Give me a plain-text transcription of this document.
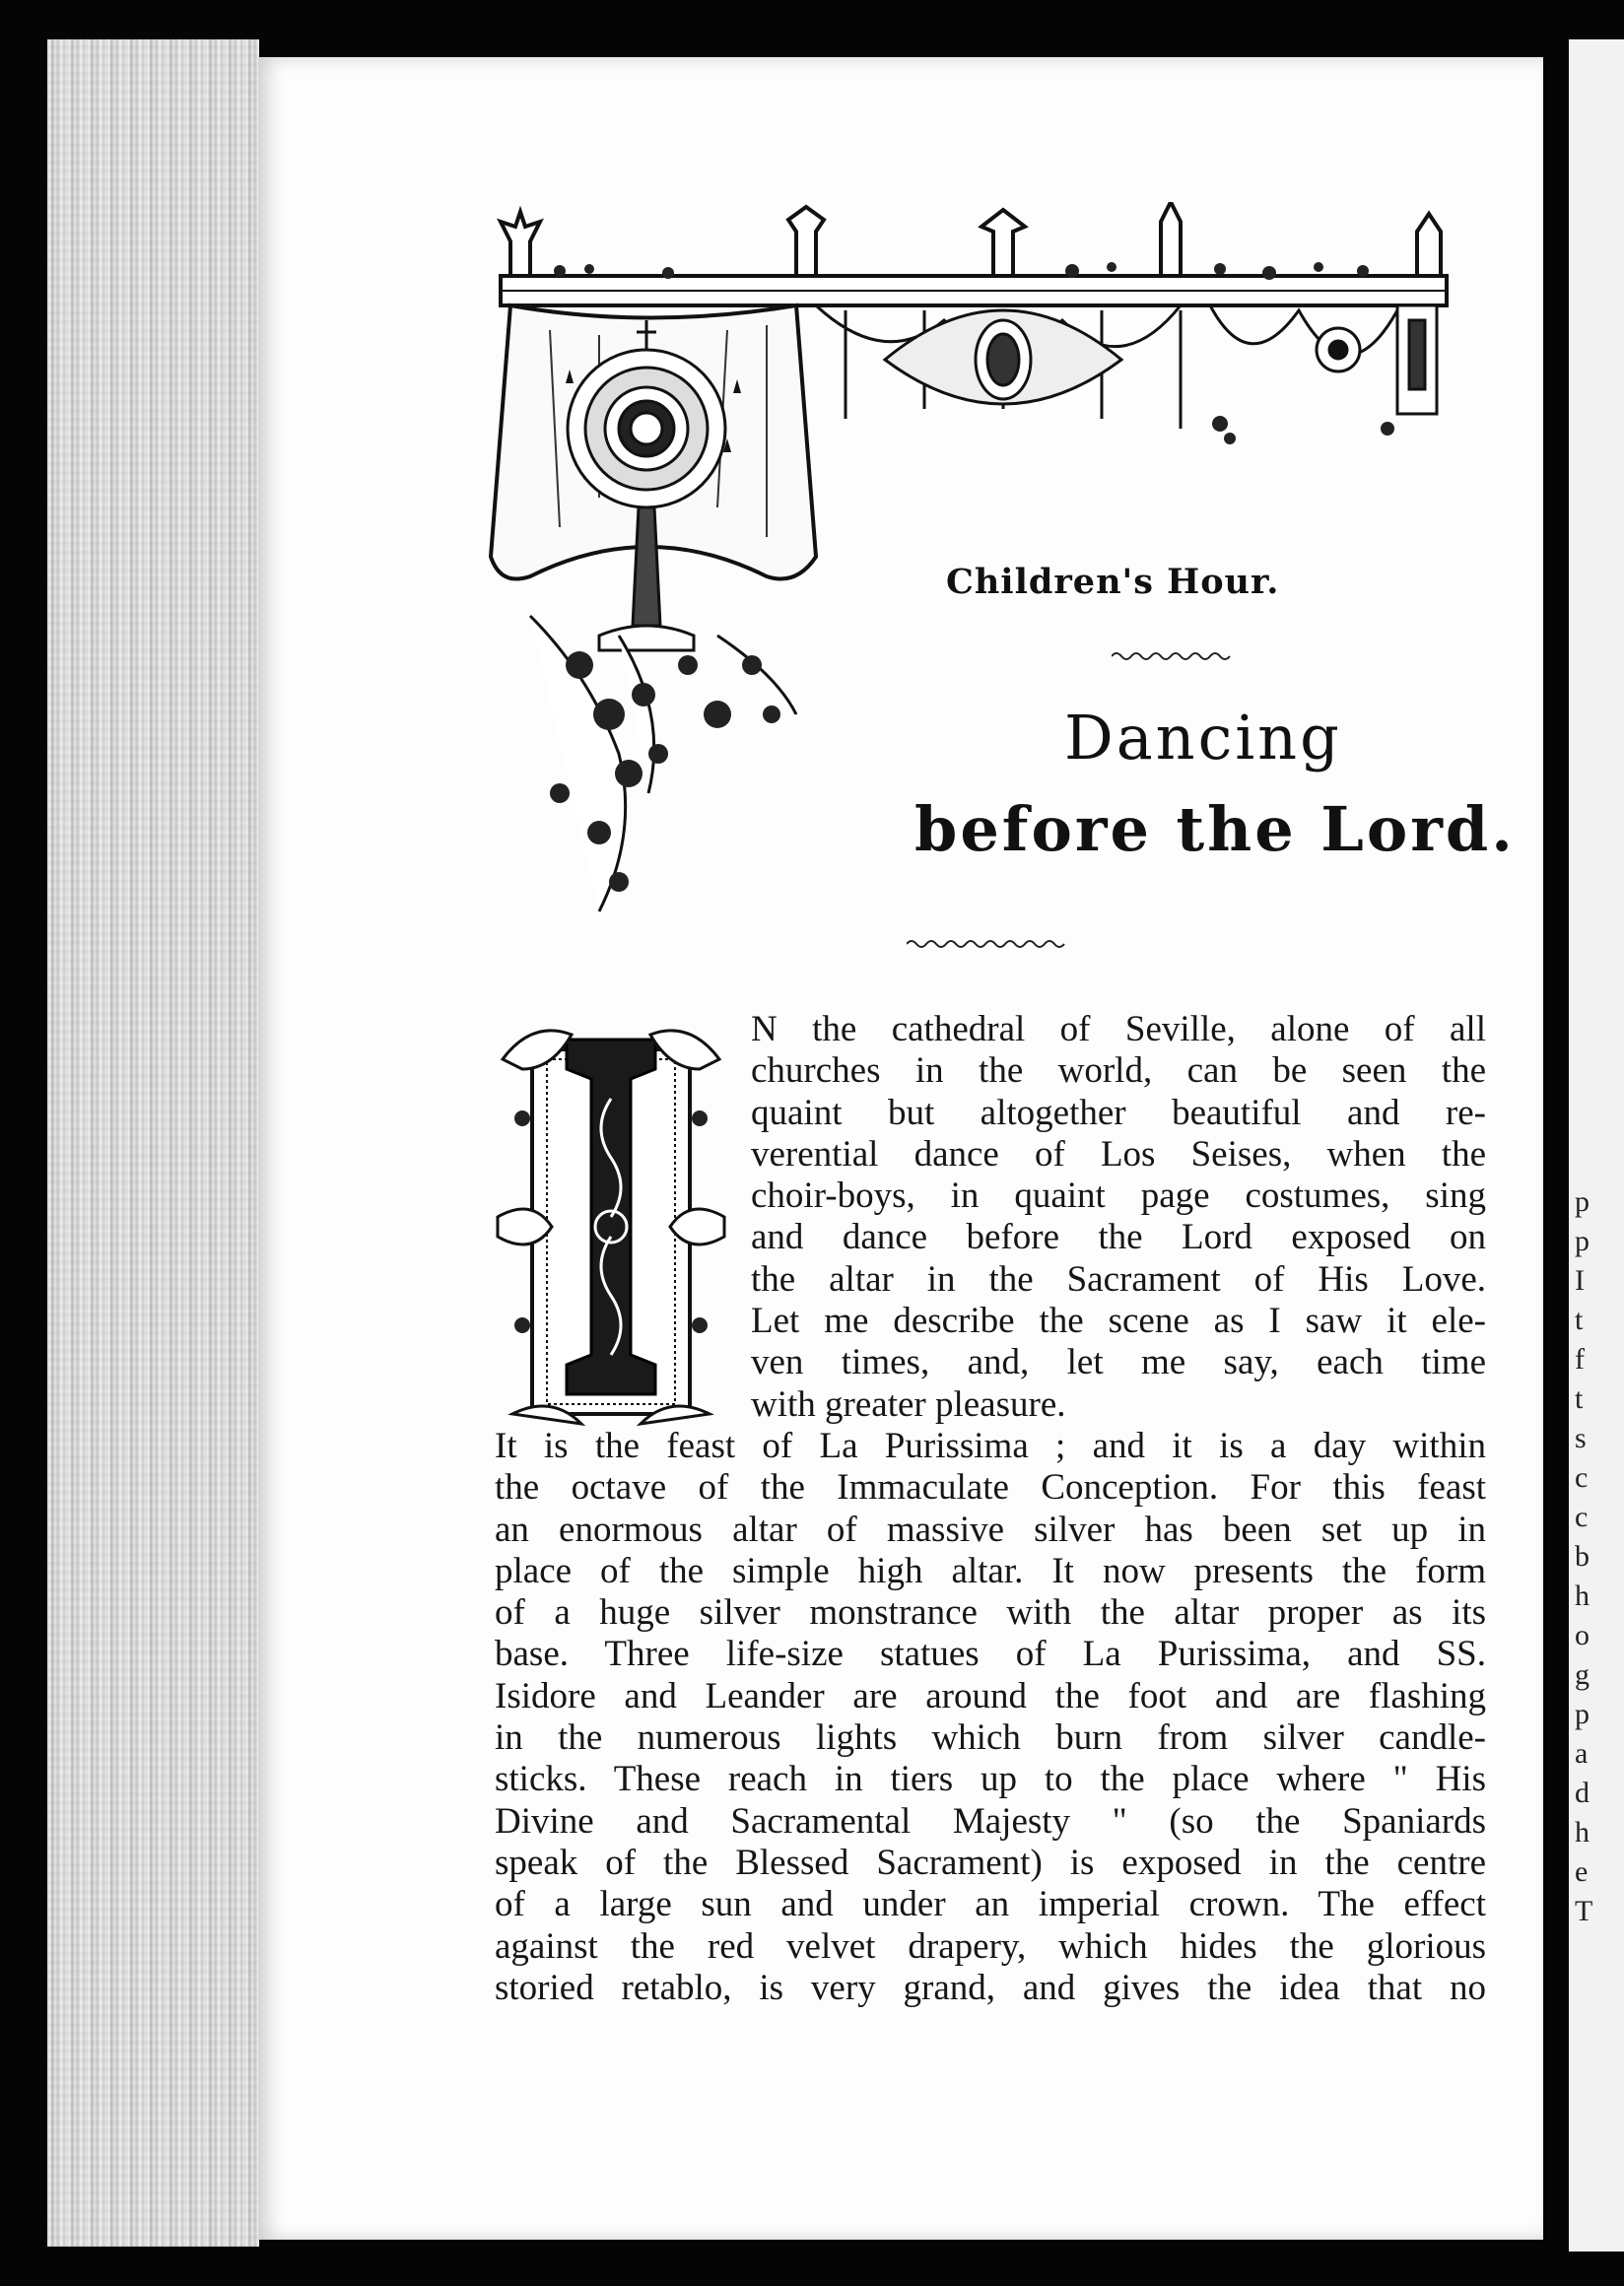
p
p
I
t
f
t
s
c
c
b
h
o
g
p
a
d
h
e
T
Children's Hour.
Dancing
before the Lord.
N the cathedral of Seville, alone of all
churches in the world, can be seen the
quaint but altogether beautiful and re-
verential dance of Los Seises, when the
choir-boys, in quaint page costumes, sing
and dance before the Lord exposed on
the altar in the Sacrament of His Love.
Let me describe the scene as I saw it ele-
ven times, and, let me say, each time
with greater pleasure.
It is the feast of La Purissima ; and it is a day within
the octave of the Immaculate Conception. For this feast
an enormous altar of massive silver has been set up in
place of the simple high altar. It now presents the form
of a huge silver monstrance with the altar proper as its
base. Three life-size statues of La Purissima, and SS.
Isidore and Leander are around the foot and are flashing
in the numerous lights which burn from silver candle-
sticks. These reach in tiers up to the place where " His
Divine and Sacramental Majesty " (so the Spaniards
speak of the Blessed Sacrament) is exposed in the centre
of a large sun and under an imperial crown. The effect
against the red velvet drapery, which hides the glorious
storied retablo, is very grand, and gives the idea that no
